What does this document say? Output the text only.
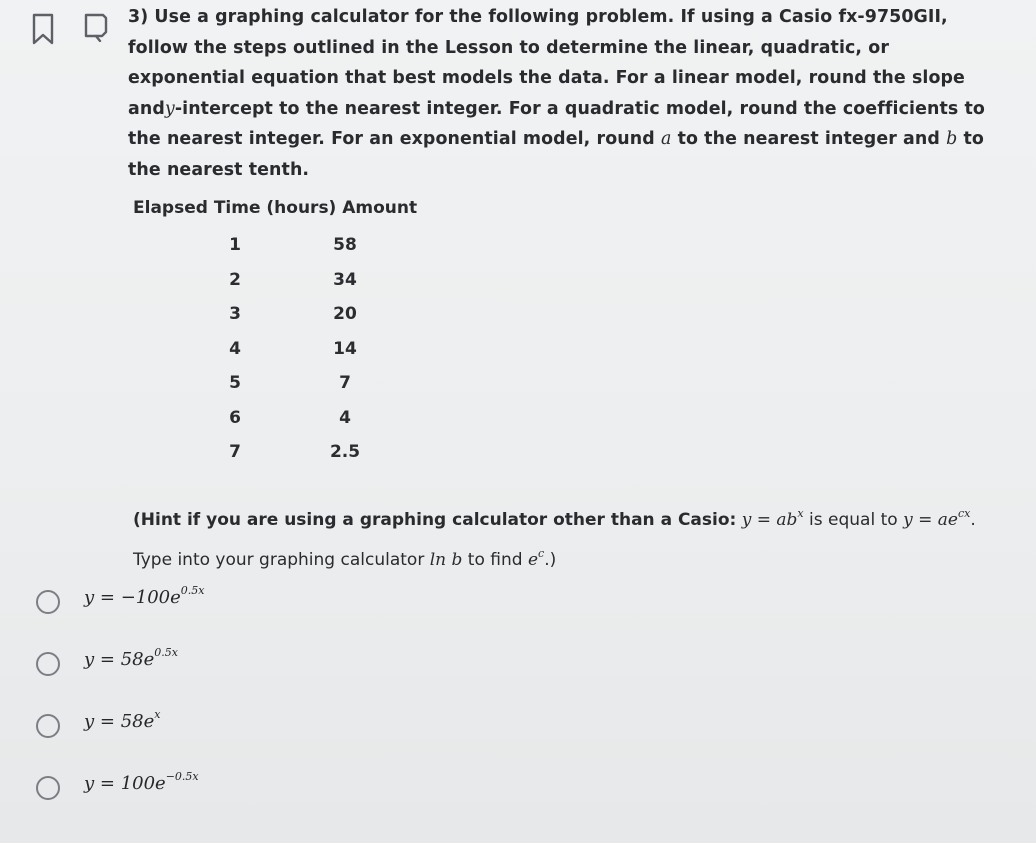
3) Use a graphing calculator for the following problem. If using a Casio fx-9750GII, follow the steps outlined in the Lesson to determine the linear, quadratic, or exponential equation that best models the data. For a linear model, round the slope andy-intercept to the nearest integer. For a quadratic model, round the coefficients to the nearest integer. For an exponential model, round a to the nearest integer and b to the nearest tenth.
Elapsed Time (hours) Amount
1	58
2	34
3	20
4	14
5	7
6	4
7	2.5
(Hint if you are using a graphing calculator other than a Casio: $y = ab^x$ is equal to $y = ae^{cx}$.
Type into your graphing calculator ln b to find $e^c$.)
$y = -100e^{0.5x}$
$y = 58e^{0.5x}$
$y = 58e^x$
$y = 100e^{-0.5x}$
